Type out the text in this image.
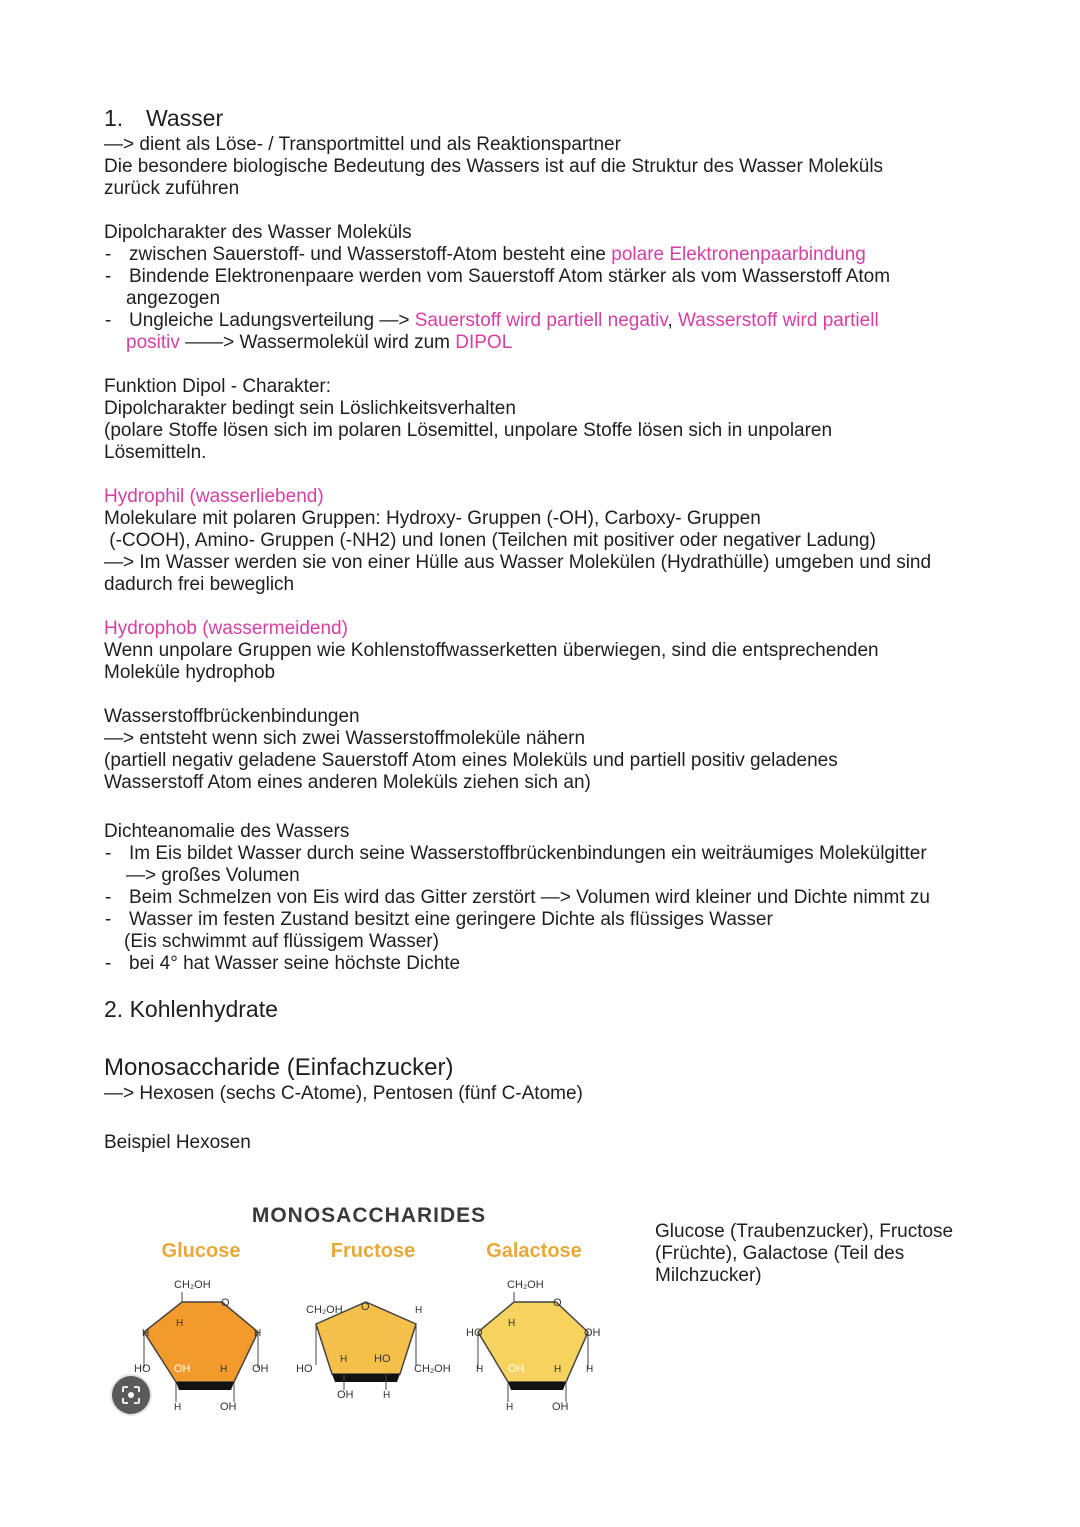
1. Wasser

—> dient als Löse- / Transportmittel und als Reaktionspartner

Die besondere biologische Bedeutung des Wassers ist auf die Struktur des Wasser Moleküls

zurück zuführen

Dipolcharakter des Wasser Moleküls

- zwischen Sauerstoff- und Wasserstoff-Atom besteht eine polare Elektronenpaarbindung

- Bindende Elektronenpaare werden vom Sauerstoff Atom stärker als vom Wasserstoff Atom

angezogen

- Ungleiche Ladungsverteilung —> Sauerstoff wird partiell negativ, Wasserstoff wird partiell

positiv ——> Wassermolekül wird zum DIPOL

Funktion Dipol - Charakter:

Dipolcharakter bedingt sein Löslichkeitsverhalten

(polare Stoffe lösen sich im polaren Lösemittel, unpolare Stoffe lösen sich in unpolaren

Lösemitteln.

Hydrophil (wasserliebend)

Molekulare mit polaren Gruppen: Hydroxy- Gruppen (-OH), Carboxy- Gruppen

(-COOH), Amino- Gruppen (-NH2) und Ionen (Teilchen mit positiver oder negativer Ladung)

—> Im Wasser werden sie von einer Hülle aus Wasser Molekülen (Hydrathülle) umgeben und sind

dadurch frei beweglich

Hydrophob (wassermeidend)

Wenn unpolare Gruppen wie Kohlenstoffwasserketten überwiegen, sind die entsprechenden

Moleküle hydrophob

Wasserstoffbrückenbindungen

—> entsteht wenn sich zwei Wasserstoffmoleküle nähern

(partiell negativ geladene Sauerstoff Atom eines Moleküls und partiell positiv geladenes

Wasserstoff Atom eines anderen Moleküls ziehen sich an)

Dichteanomalie des Wassers

- Im Eis bildet Wasser durch seine Wasserstoffbrückenbindungen ein weiträumiges Molekülgitter

—> großes Volumen

- Beim Schmelzen von Eis wird das Gitter zerstört —> Volumen wird kleiner und Dichte nimmt zu

- Wasser im festen Zustand besitzt eine geringere Dichte als flüssiges Wasser

(Eis schwimmt auf flüssigem Wasser)

- bei 4° hat Wasser seine höchste Dichte

2. Kohlenhydrate

Monosaccharide (Einfachzucker)

—> Hexosen (sechs C-Atome), Pentosen (fünf C-Atome)

Beispiel Hexosen

MONOSACCHARIDES
Glucose	Fructose	Galactose
CH₂OH
O
H
H	H
HO OH	H OH
H	OH
CH₂OH O	H
H HO
HO	CH₂OH
OH	H
CH₂OH
O
H
HO	OH
H OH	H H
H	OH
Glucose (Traubenzucker), Fructose
(Früchte), Galactose (Teil des
Milchzucker)
